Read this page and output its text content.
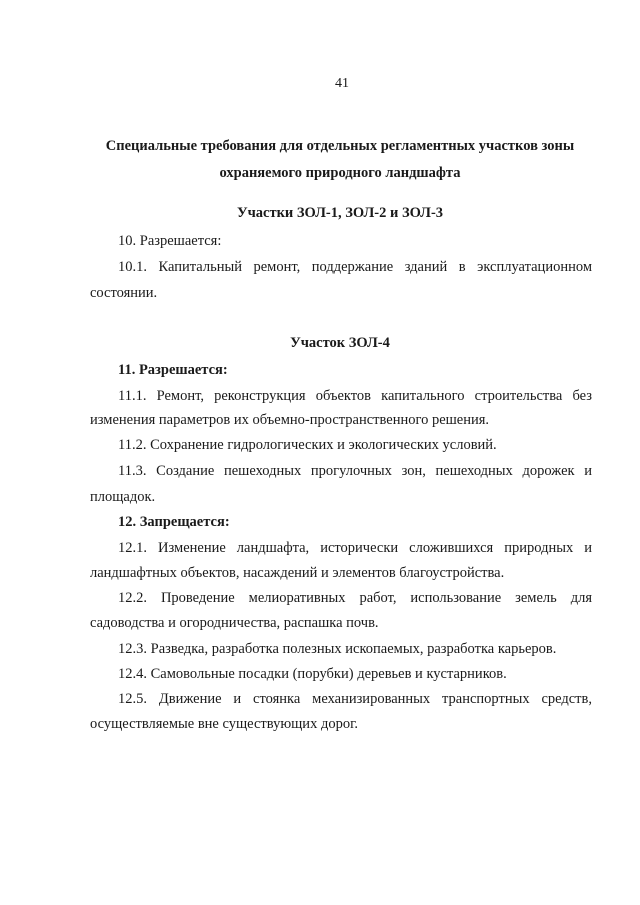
41
Специальные требования для отдельных регламентных участков зоны
охраняемого природного ландшафта
Участки ЗОЛ-1, ЗОЛ-2 и ЗОЛ-3
10. Разрешается:
10.1. Капитальный ремонт, поддержание зданий в эксплуатационном
состоянии.
Участок ЗОЛ-4
11. Разрешается:
11.1. Ремонт, реконструкция объектов капитального строительства без
изменения параметров их объемно-пространственного решения.
11.2. Сохранение гидрологических и экологических условий.
11.3. Создание пешеходных прогулочных зон, пешеходных дорожек и
площадок.
12. Запрещается:
12.1. Изменение ландшафта, исторически сложившихся природных и
ландшафтных объектов, насаждений и элементов благоустройства.
12.2. Проведение мелиоративных работ, использование земель для
садоводства и огородничества, распашка почв.
12.3. Разведка, разработка полезных ископаемых, разработка карьеров.
12.4. Самовольные посадки (порубки) деревьев и кустарников.
12.5. Движение и стоянка механизированных транспортных средств,
осуществляемые вне существующих дорог.
